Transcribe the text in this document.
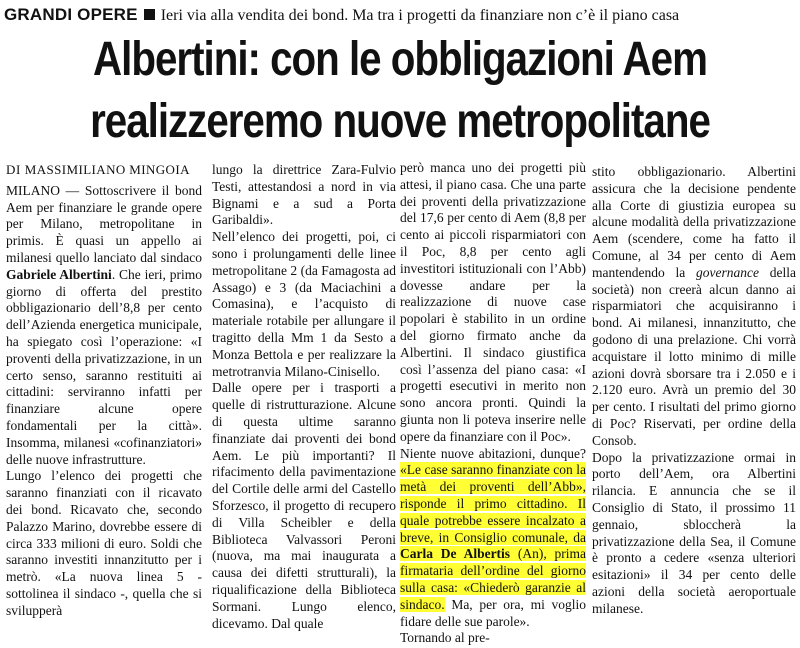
GRANDI OPERE Ieri via alla vendita dei bond. Ma tra i progetti da finanziare non c’è il piano casa
Albertini: con le obbligazioni Aem
realizzeremo nuove metropolitane
DI MASSIMILIANO MINGOIA

MILANO — Sottoscrivere il bond Aem per finanziare le grande opere per Milano, metropolitane in primis. È quasi un appello ai milanesi quello lanciato dal sindaco Gabriele Albertini. Che ieri, primo giorno di offerta del prestito obbligazionario dell’8,8 per cento dell’Azienda energetica municipale, ha spiegato così l’operazione: «I proventi della privatizzazione, in un certo senso, saranno restituiti ai cittadini: serviranno infatti per finanziare alcune opere fondamentali per la città». Insomma, milanesi «cofinanziatori» delle nuove infrastrutture.

Lungo l’elenco dei progetti che saranno finanziati con il ricavato dei bond. Ricavato che, secondo Palazzo Marino, dovrebbe essere di circa 333 milioni di euro. Soldi che saranno investiti innanzitutto per i metrò. «La nuova linea 5 - sottolinea il sindaco -, quella che si svilupperà

lungo la direttrice Zara-Fulvio Testi, attestandosi a nord in via Bignami e a sud a Porta Garibaldi».

Nell’elenco dei progetti, poi, ci sono i prolungamenti delle linee metropolitane 2 (da Famagosta ad Assago) e 3 (da Maciachini a Comasina), e l’acquisto di materiale rotabile per allungare il tragitto della Mm 1 da Sesto a Monza Bettola e per realizzare la metrotranvia Milano-Cinisello.

Dalle opere per i trasporti a quelle di ristrutturazione. Alcune di questa ultime saranno finanziate dai proventi dei bond Aem. Le più importanti? Il rifacimento della pavimentazione del Cortile delle armi del Castello Sforzesco, il progetto di recupero di Villa Scheibler e della Biblioteca Valvassori Peroni (nuova, ma mai inaugurata a causa dei difetti strutturali), la riqualificazione della Biblioteca Sormani. Lungo elenco, dicevamo. Dal quale

però manca uno dei progetti più attesi, il piano casa. Che una parte dei proventi della privatizzazione del 17,6 per cento di Aem (8,8 per cento ai piccoli risparmiatori con il Poc, 8,8 per cento agli investitori istituzionali con l’Abb) dovesse andare per la realizzazione di nuove case popolari è stabilito in un ordine del giorno firmato anche da Albertini. Il sindaco giustifica così l’assenza del piano casa: «I progetti esecutivi in merito non sono ancora pronti. Quindi la giunta non li poteva inserire nelle opere da finanziare con il Poc».

Niente nuove abitazioni, dunque? «Le case saranno finanziate con la metà dei proventi dell’Abb», risponde il primo cittadino. Il quale potrebbe essere incalzato a breve, in Consiglio comunale, da Carla De Albertis (An), prima firmataria dell’ordine del giorno sulla casa: «Chiederò garanzie al sindaco. Ma, per ora, mi voglio fidare delle sue parole».

Tornando al pre-

stito obbligazionario. Albertini assicura che la decisione pendente alla Corte di giustizia europea su alcune modalità della privatizzazione Aem (scendere, come ha fatto il Comune, al 34 per cento di Aem mantendendo la governance della società) non creerà alcun danno ai risparmiatori che acquisiranno i bond. Ai milanesi, innanzitutto, che godono di una prelazione. Chi vorrà acquistare il lotto minimo di mille azioni dovrà sborsare tra i 2.050 e i 2.120 euro. Avrà un premio del 30 per cento. I risultati del primo giorno di Poc? Riservati, per ordine della Consob.

Dopo la privatizzazione ormai in porto dell’Aem, ora Albertini rilancia. E annuncia che se il Consiglio di Stato, il prossimo 11 gennaio, sbloccherà la privatizzazione della Sea, il Comune è pronto a cedere «senza ulteriori esitazioni» il 34 per cento delle azioni della società aeroportuale milanese.
